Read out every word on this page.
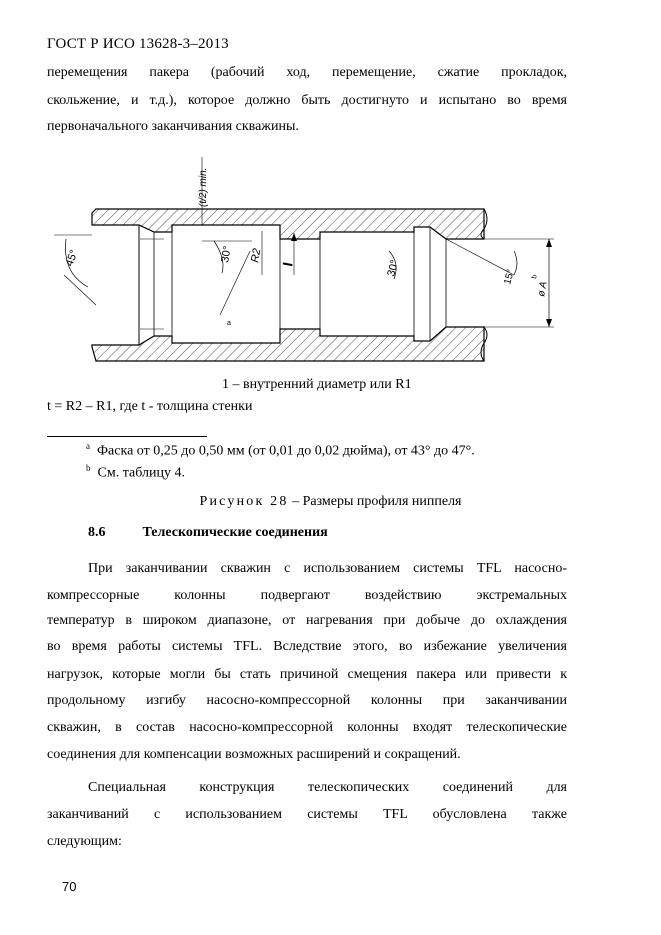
ГОСТ Р ИСО 13628-3–2013
перемещения пакера (рабочий ход, перемещение, сжатие прокладок,
скольжение, и т.д.), которое должно быть достигнуто и испытано во время
первоначального заканчивания скважины.
(t/2) min.
45°	30° R2
I	30°	15°
ø A
b
a
1 – внутренний диаметр или R1
t = R2 – R1, где t - толщина стенки
$^a$ Фаска от 0,25 до 0,50 мм (от 0,01 до 0,02 дюйма), от 43° до 47°.
$^b$ См. таблицу 4.
Рисунок 28 – Размеры профиля ниппеля
8.6	Телескопические соединения
При заканчивании скважин с использованием системы TFL насосно-
компрессорные колонны подвергают воздействию экстремальных
температур в широком диапазоне, от нагревания при добыче до охлаждения
во время работы системы TFL. Вследствие этого, во избежание увеличения
нагрузок, которые могли бы стать причиной смещения пакера или привести к
продольному изгибу насосно-компрессорной колонны при заканчивании
скважин, в состав насосно-компрессорной колонны входят телескопические
соединения для компенсации возможных расширений и сокращений.
Специальная конструкция телескопических соединений для
заканчиваний с использованием системы TFL обусловлена также
следующим:
70
